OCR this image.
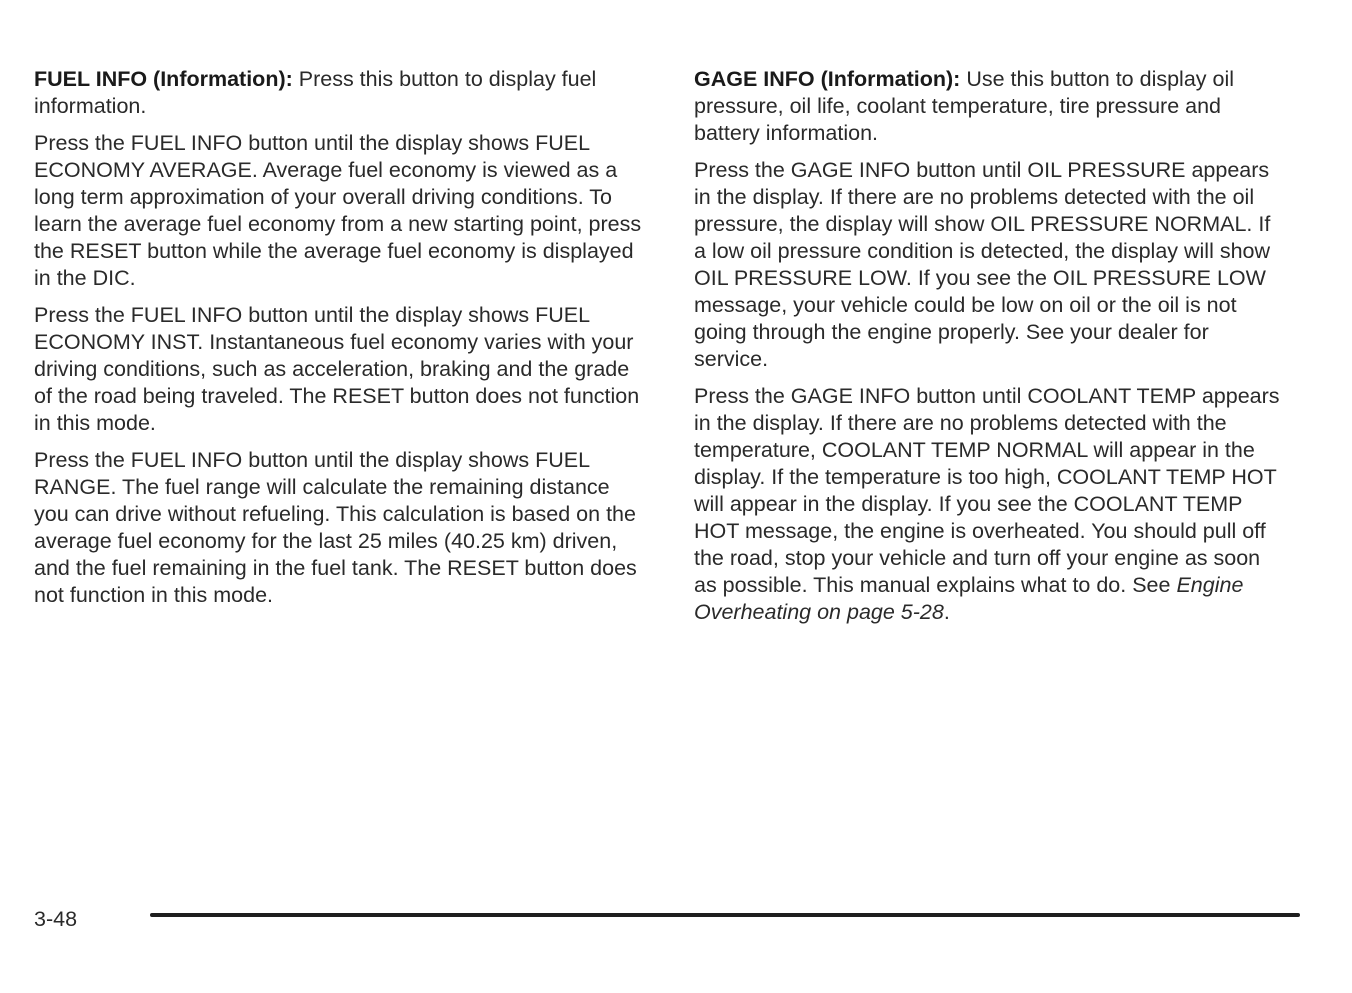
FUEL INFO (Information): Press this button to display fuel information.

Press the FUEL INFO button until the display shows FUEL ECONOMY AVERAGE. Average fuel economy is viewed as a long term approximation of your overall driving conditions. To learn the average fuel economy from a new starting point, press the RESET button while the average fuel economy is displayed in the DIC.

Press the FUEL INFO button until the display shows FUEL ECONOMY INST. Instantaneous fuel economy varies with your driving conditions, such as acceleration, braking and the grade of the road being traveled. The RESET button does not function in this mode.

Press the FUEL INFO button until the display shows FUEL RANGE. The fuel range will calculate the remaining distance you can drive without refueling. This calculation is based on the average fuel economy for the last 25 miles (40.25 km) driven, and the fuel remaining in the fuel tank. The RESET button does not function in this mode.

GAGE INFO (Information): Use this button to display oil pressure, oil life, coolant temperature, tire pressure and battery information.

Press the GAGE INFO button until OIL PRESSURE appears in the display. If there are no problems detected with the oil pressure, the display will show OIL PRESSURE NORMAL. If a low oil pressure condition is detected, the display will show OIL PRESSURE LOW. If you see the OIL PRESSURE LOW message, your vehicle could be low on oil or the oil is not going through the engine properly. See your dealer for service.

Press the GAGE INFO button until COOLANT TEMP appears in the display. If there are no problems detected with the temperature, COOLANT TEMP NORMAL will appear in the display. If the temperature is too high, COOLANT TEMP HOT will appear in the display. If you see the COOLANT TEMP HOT message, the engine is overheated. You should pull off the road, stop your vehicle and turn off your engine as soon as possible. This manual explains what to do. See Engine Overheating on page 5-28.

3-48
